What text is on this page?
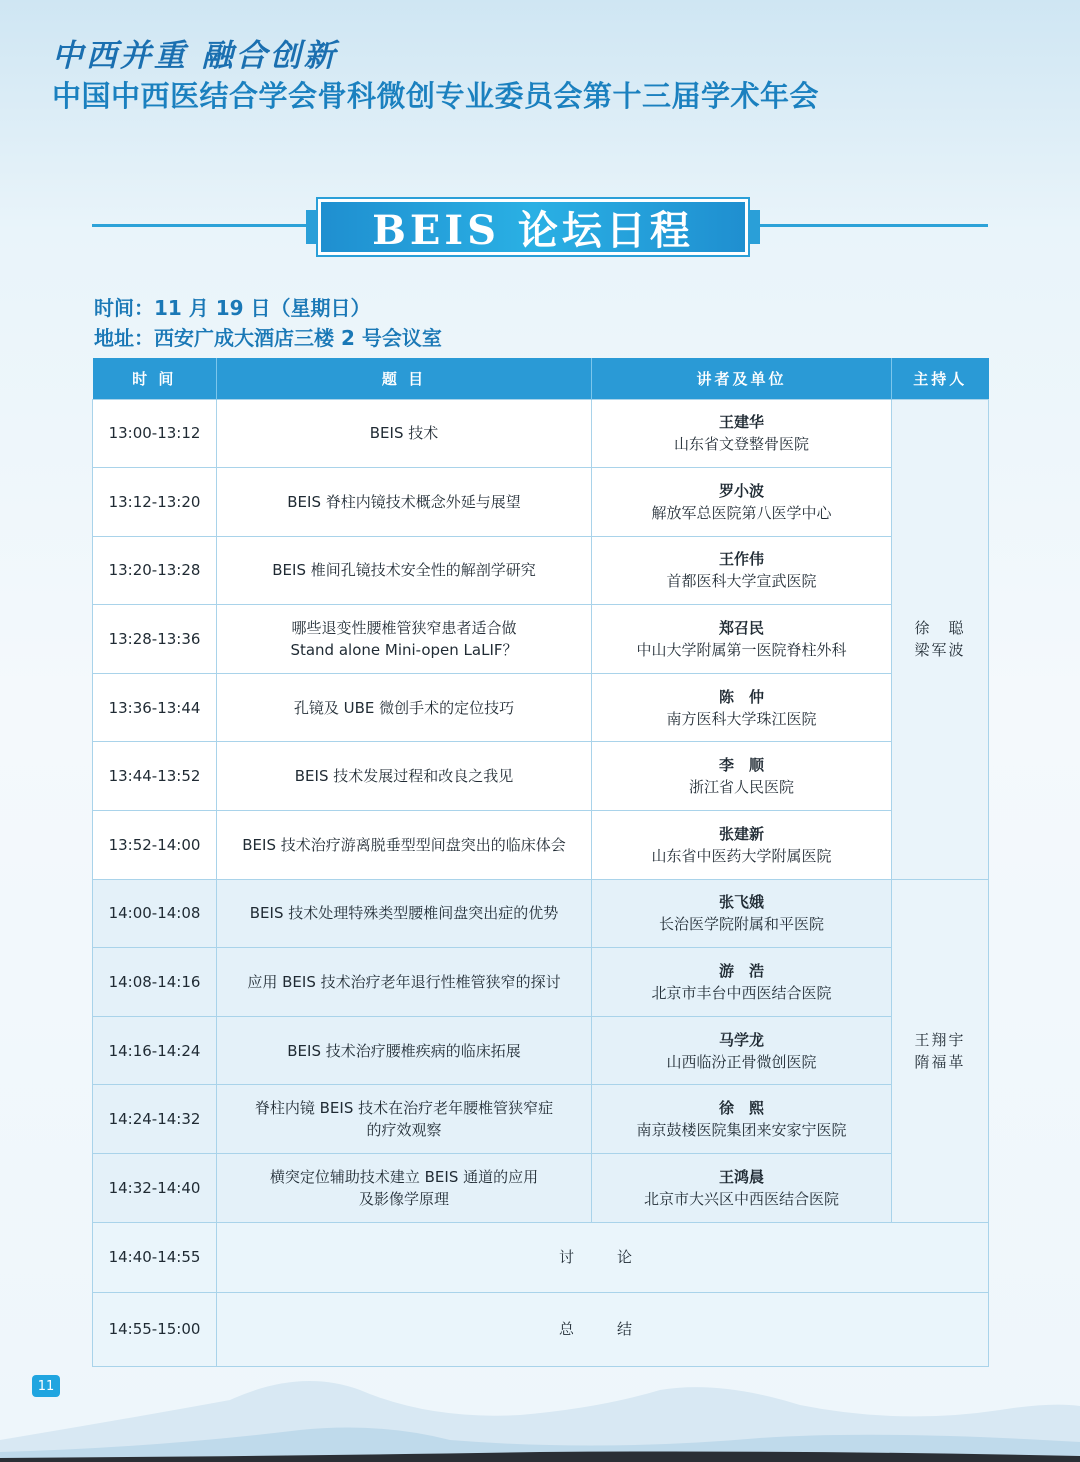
中西并重 融合创新
中国中西医结合学会骨科微创专业委员会第十三届学术年会
BEIS 论坛日程
时间：11 月 19 日（星期日）
地址：西安广成大酒店三楼 2 号会议室
时 间	题 目	讲者及单位	主持人
13:00-13:12	BEIS 技术	王建华
山东省文登整骨医院	徐　聪
梁军波

13:12-13:20	BEIS 脊柱内镜技术概念外延与展望	罗小波
解放军总医院第八医学中心	
13:20-13:28	BEIS 椎间孔镜技术安全性的解剖学研究	王作伟
首都医科大学宣武医院	
13:28-13:36	哪些退变性腰椎管狭窄患者适合做
Stand alone Mini-open LaLIF？	郑召民
中山大学附属第一医院脊柱外科	
13:36-13:44	孔镜及 UBE 微创手术的定位技巧	陈　仲
南方医科大学珠江医院	
13:44-13:52	BEIS 技术发展过程和改良之我见	李　顺
浙江省人民医院	
13:52-14:00	BEIS 技术治疗游离脱垂型型间盘突出的临床体会	张建新
山东省中医药大学附属医院	
14:00-14:08	BEIS 技术处理特殊类型腰椎间盘突出症的优势	张飞娥
长治医学院附属和平医院	王翔宇
隋福革

14:08-14:16	应用 BEIS 技术治疗老年退行性椎管狭窄的探讨	游　浩
北京市丰台中西医结合医院	
14:16-14:24	BEIS 技术治疗腰椎疾病的临床拓展	马学龙
山西临汾正骨微创医院	
14:24-14:32	脊柱内镜 BEIS 技术在治疗老年腰椎管狭窄症
的疗效观察	徐　熙
南京鼓楼医院集团来安家宁医院	
14:32-14:40	横突定位辅助技术建立 BEIS 通道的应用
及影像学原理	王鸿晨
北京市大兴区中西医结合医院	
14:40-14:55	讨　论		
14:55-15:00	总　结		
11
